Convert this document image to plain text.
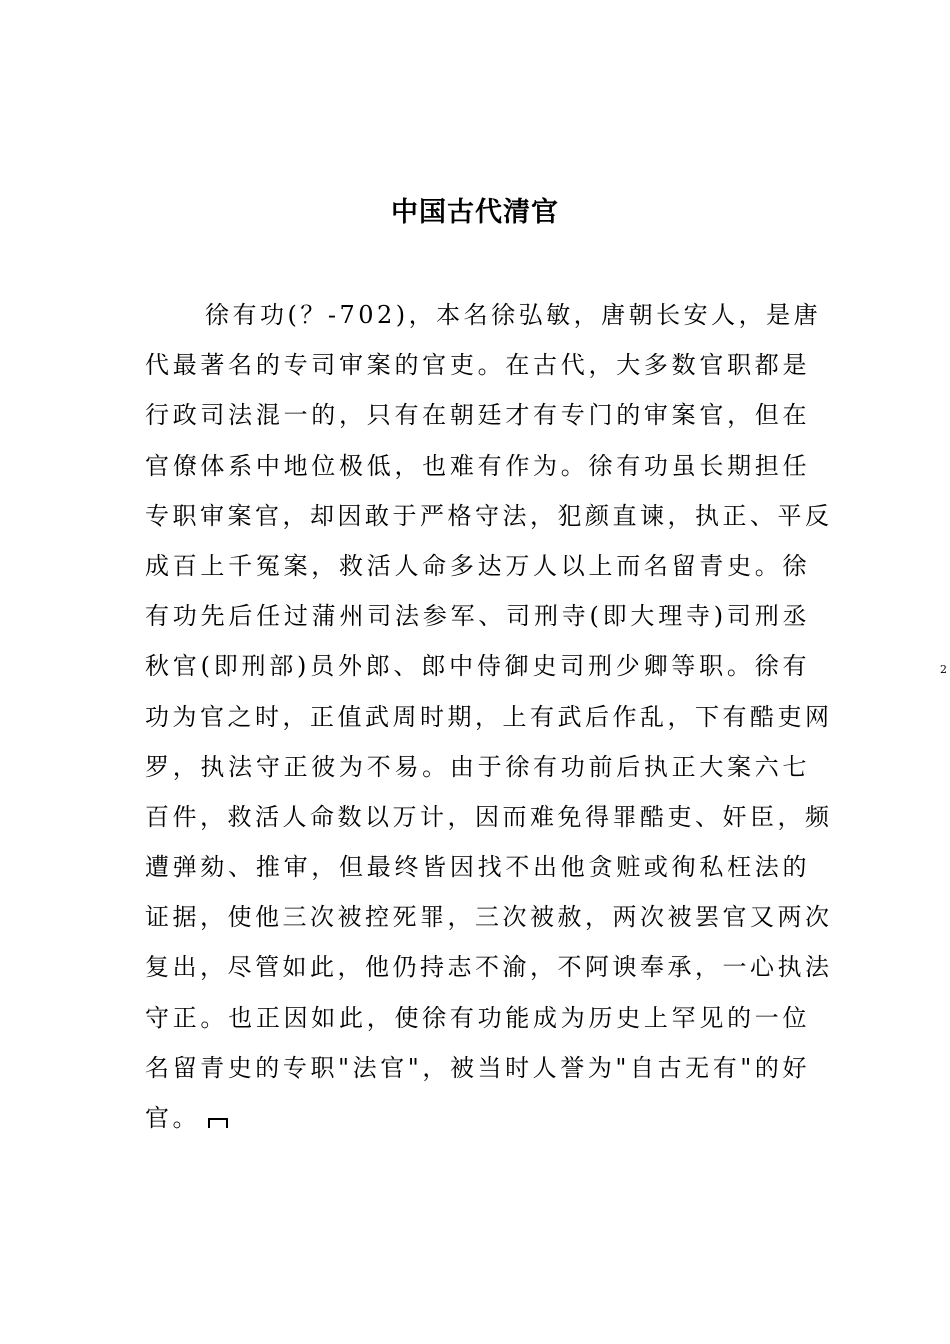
中国古代清官
徐有功(？-702)，本名徐弘敏，唐朝长安人，是唐
代最著名的专司审案的官吏。在古代，大多数官职都是
行政司法混一的，只有在朝廷才有专门的审案官，但在
官僚体系中地位极低，也难有作为。徐有功虽长期担任
专职审案官，却因敢于严格守法，犯颜直谏，执正、平反
成百上千冤案，救活人命多达万人以上而名留青史。徐
有功先后任过蒲州司法参军、司刑寺(即大理寺)司刑丞
秋官(即刑部)员外郎、郎中侍御史司刑少卿等职。徐有
功为官之时，正值武周时期，上有武后作乱，下有酷吏网
罗，执法守正彼为不易。由于徐有功前后执正大案六七
百件，救活人命数以万计，因而难免得罪酷吏、奸臣，频
遭弹劾、推审，但最终皆因找不出他贪赃或徇私枉法的
证据，使他三次被控死罪，三次被赦，两次被罢官又两次
复出，尽管如此，他仍持志不渝，不阿谀奉承，一心执法
守正。也正因如此，使徐有功能成为历史上罕见的一位
名留青史的专职"法官"，被当时人誉为"自古无有"的好
官。
2
